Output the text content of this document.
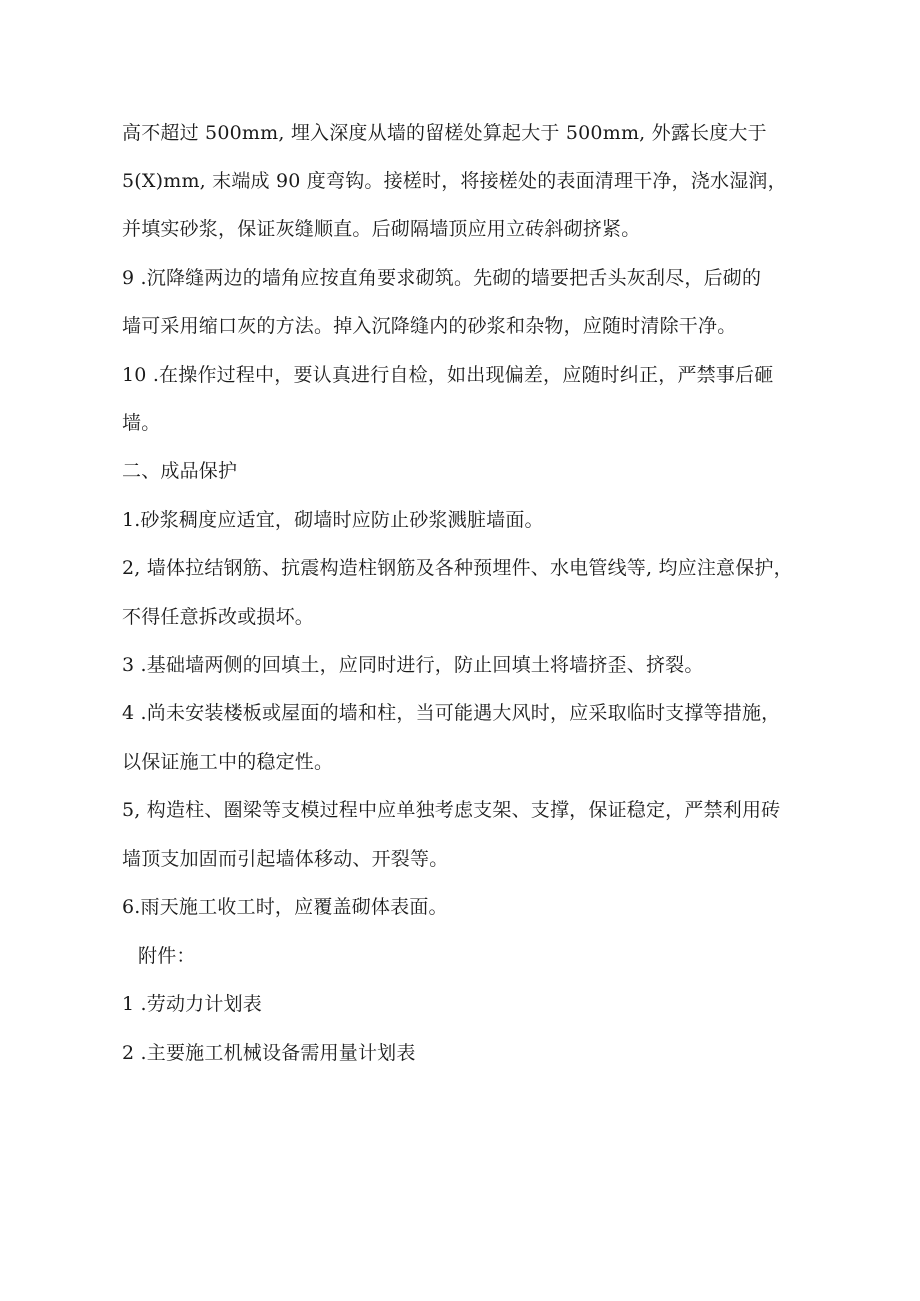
高不超过 500mm, 埋入深度从墙的留槎处算起大于 500mm, 外露长度大于
5(X)mm, 末端成 90 度弯钩。接槎时，将接槎处的表面清理干净，浇水湿润，
并填实砂浆，保证灰缝顺直。后砌隔墙顶应用立砖斜砌挤紧。
9 .沉降缝两边的墙角应按直角要求砌筑。先砌的墙要把舌头灰刮尽，后砌的
墙可采用缩口灰的方法。掉入沉降缝内的砂浆和杂物，应随时清除干净。
10 .在操作过程中，要认真进行自检，如出现偏差，应随时纠正，严禁事后砸
墙。
二、成品保护
1.砂浆稠度应适宜，砌墙时应防止砂浆溅脏墙面。
2, 墙体拉结钢筋、抗震构造柱钢筋及各种预埋件、水电管线等, 均应注意保护，
不得任意拆改或损坏。
3 .基础墙两侧的回填土，应同时进行，防止回填土将墙挤歪、挤裂。
4 .尚未安装楼板或屋面的墙和柱，当可能遇大风时，应采取临时支撑等措施，
以保证施工中的稳定性。
5, 构造柱、圈梁等支模过程中应单独考虑支架、支撑，保证稳定，严禁利用砖
墙顶支加固而引起墙体移动、开裂等。
6.雨天施工收工时，应覆盖砌体表面。
附件：
1 .劳动力计划表
2 .主要施工机械设备需用量计划表
